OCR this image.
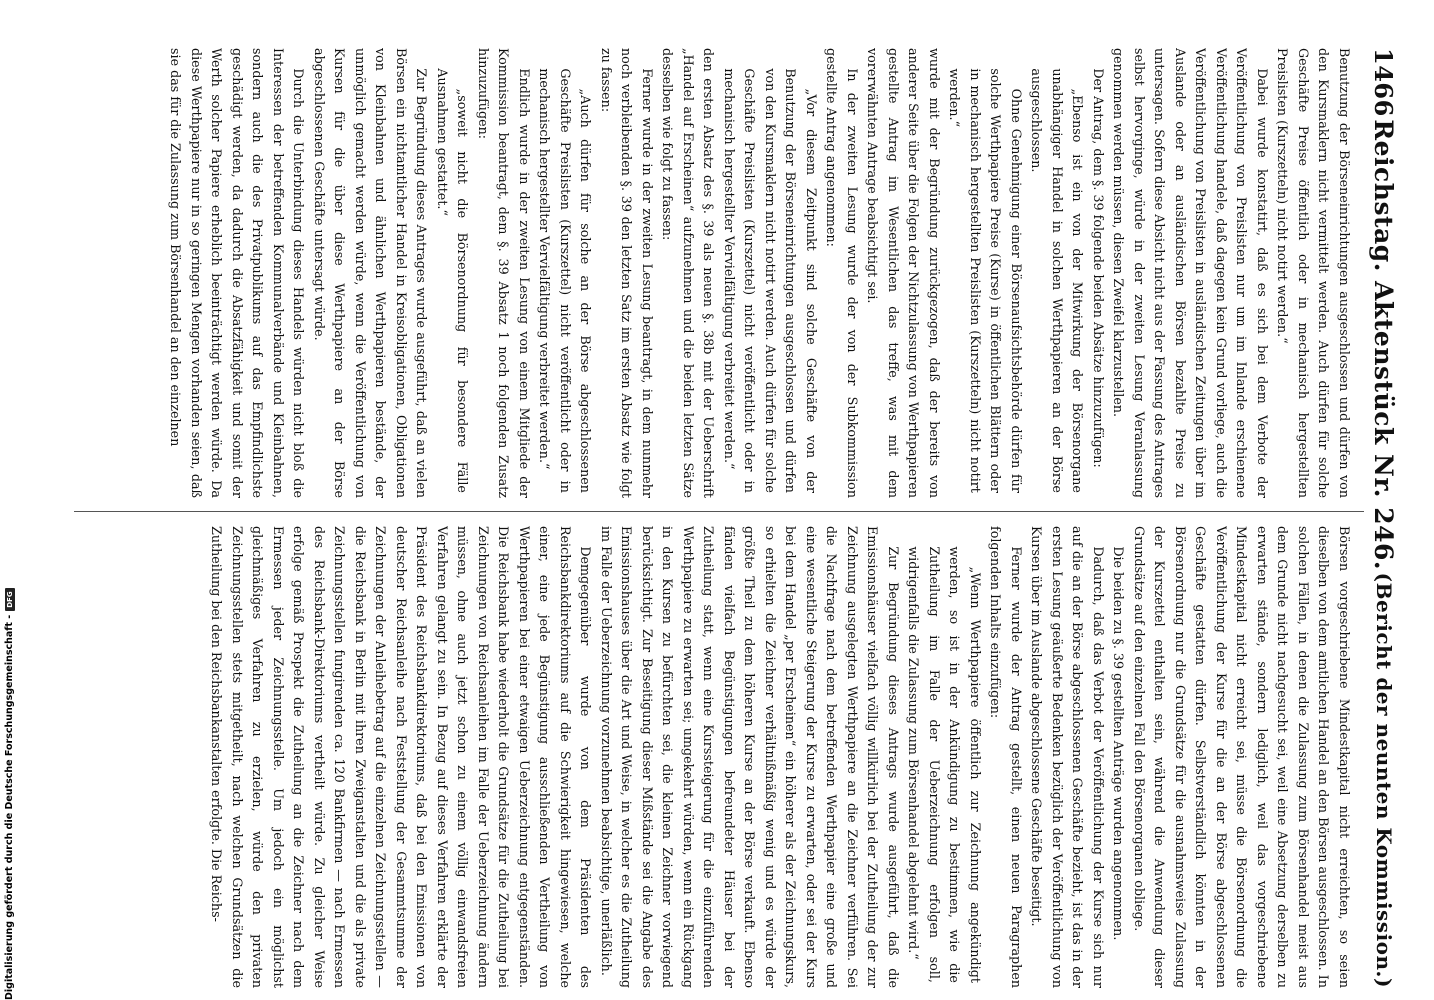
1466
Reichstag. Aktenstück Nr. 246.
(Bericht der neunten Kommission.)

Benutzung der Börseneinrichtungen ausgeschlossen und dürfen von den Kursmaklern nicht vermittelt werden. Auch dürfen für solche Geschäfte Preise öffentlich oder in mechanisch hergestellten Preislisten (Kurszetteln) nicht notirt werden.“

Dabei wurde konstatirt, daß es sich bei dem Verbote der Veröffentlichung von Preislisten nur um im Inlande erschienene Veröffentlichung handele, daß dagegen kein Grund vorliege, auch die Veröffentlichung von Preislisten in ausländischen Zeitungen über im Auslande oder an ausländischen Börsen bezahlte Preise zu untersagen. Sofern diese Absicht nicht aus der Fassung des Antrages selbst hervorginge, würde in der zweiten Lesung Veranlassung genommen werden müssen, diesen Zweifel klarzustellen.

Der Antrag, dem §. 39 folgende beiden Absätze hinzuzufügen:

„Ebenso ist ein von der Mitwirkung der Börsenorgane unabhängiger Handel in solchen Werthpapieren an der Börse ausgeschlossen.

Ohne Genehmigung einer Börsenaufsichtsbehörde dürfen für solche Werthpapiere Preise (Kurse) in öffentlichen Blättern oder in mechanisch hergestellten Preislisten (Kurszetteln) nicht notirt werden.“

wurde mit der Begründung zurückgezogen, daß der bereits von anderer Seite über die Folgen der Nichtzulassung von Werthpapieren gestellte Antrag im Wesentlichen das treffe, was mit dem vorerwähnten Antrage beabsichtigt sei.

In der zweiten Lesung wurde der von der Subkommission gestellte Antrag angenommen:

„Vor diesem Zeitpunkt sind solche Geschäfte von der Benutzung der Börseneinrichtungen ausgeschlossen und dürfen von den Kursmaklern nicht notirt werden. Auch dürfen für solche Geschäfte Preislisten (Kurszettel) nicht veröffentlicht oder in mechanisch hergestellter Vervielfältigung verbreitet werden.“

den ersten Absatz des §. 39 als neuen §. 38b mit der Ueberschrift „Handel auf Erscheinen“ aufzunehmen und die beiden letzten Sätze desselben wie folgt zu fassen:

Ferner wurde in der zweiten Lesung beantragt, in dem nunmehr noch verbleibenden §. 39 den letzten Satz im ersten Absatz wie folgt zu fassen:

„Auch dürfen für solche an der Börse abgeschlossenen Geschäfte Preislisten (Kurszettel) nicht veröffentlicht oder in mechanisch hergestellter Vervielfältigung verbreitet werden.“

Endlich wurde in der zweiten Lesung von einem Mitgliede der Kommission beantragt, dem §. 39 Absatz 1 noch folgenden Zusatz hinzuzufügen:

„soweit nicht die Börsenordnung für besondere Fälle Ausnahmen gestattet.“

Zur Begründung dieses Antrages wurde ausgeführt, daß an vielen Börsen ein nichtamtlicher Handel in Kreisobligationen, Obligationen von Kleinbahnen und ähnlichen Werthpapieren bestände, der unmöglich gemacht werden würde, wenn die Veröffentlichung von Kursen für die über diese Werthpapiere an der Börse abgeschlossenen Geschäfte untersagt würde.

Durch die Unterbindung dieses Handels würden nicht bloß die Interessen der betreffenden Kommunalverbände und Kleinbahnen, sondern auch die des Privatpublikums auf das Empfindlichste geschädigt werden, da dadurch die Absatzfähigkeit und somit der Werth solcher Papiere erheblich beeinträchtigt werden würde. Da diese Werthpapiere nur in so geringen Mengen vorhanden seien, daß sie das für die Zulassung zum Börsenhandel an den einzelnen

Börsen vorgeschriebene Mindestkapital nicht erreichten, so seien dieselben von dem amtlichen Handel an den Börsen ausgeschlossen. In solchen Fällen, in denen die Zulassung zum Börsenhandel meist aus dem Grunde nicht nachgesucht sei, weil eine Absetzung derselben zu erwarten stände, sondern lediglich, weil das vorgeschriebene Mindestkapital nicht erreicht sei, müsse die Börsenordnung die Veröffentlichung der Kurse für die an der Börse abgeschlossenen Geschäfte gestatten dürfen. Selbstverständlich könnten in der Börsenordnung nur die Grundsätze für die ausnahmsweise Zulassung der Kurszettel enthalten sein, während die Anwendung dieser Grundsätze auf den einzelnen Fall den Börsenorganen obliege.

Die beiden zu §. 39 gestellten Anträge wurden angenommen.

Dadurch, daß das Verbot der Veröffentlichung der Kurse sich nur auf die an der Börse abgeschlossenen Geschäfte bezieht, ist das in der ersten Lesung geäußerte Bedenken bezüglich der Veröffentlichung von Kursen über im Auslande abgeschlossene Geschäfte beseitigt.

Ferner wurde der Antrag gestellt, einen neuen Paragraphen folgenden Inhalts einzufügen:

„Wenn Werthpapiere öffentlich zur Zeichnung angekündigt werden, so ist in der Ankündigung zu bestimmen, wie die Zutheilung im Falle der Ueberzeichnung erfolgen soll, widrigenfalls die Zulassung zum Börsenhandel abgelehnt wird.“

Zur Begründung dieses Antrags wurde ausgeführt, daß die Emissionshäuser vielfach völlig willkürlich bei der Zutheilung der zur Zeichnung ausgelegten Werthpapiere an die Zeichner verführen. Sei die Nachfrage nach dem betreffenden Werthpapier eine große und eine wesentliche Steigerung der Kurse zu erwarten, oder sei der Kurs bei dem Handel „per Erscheinen“ ein höherer als der Zeichnungskurs, so erhielten die Zeichner verhältnißmäßig wenig und es würde der größte Theil zu dem höheren Kurse an der Börse verkauft. Ebenso fänden vielfach Begünstigungen befreundeter Häuser bei der Zutheilung statt, wenn eine Kurssteigerung für die einzuführenden Werthpapiere zu erwarten sei; umgekehrt würden, wenn ein Rückgang in den Kursen zu befürchten sei, die kleinen Zeichner vorwiegend berücksichtigt. Zur Beseitigung dieser Mißstände sei die Angabe des Emissionshauses über die Art und Weise, in welcher es die Zutheilung im Falle der Ueberzeichnung vorzunehmen beabsichtige, unerläßlich.

Demgegenüber wurde von dem Präsidenten des Reichsbankdirektoriums auf die Schwierigkeit hingewiesen, welche einer, eine jede Begünstigung ausschließenden Vertheilung von Werthpapieren bei einer etwaigen Ueberzeichnung entgegenständen. Die Reichsbank habe wiederholt die Grundsätze für die Zutheilung bei Zeichnungen von Reichsanleihen im Falle der Ueberzeichnung ändern müssen, ohne auch jetzt schon zu einem völlig einwandsfreien Verfahren gelangt zu sein. In Bezug auf dieses Verfahren erklärte der Präsident des Reichsbankdirektoriums, daß bei den Emissionen von deutscher Reichsanleihe nach Feststellung der Gesammtsumme der Zeichnungen der Anleihebetrag auf die einzelnen Zeichnungsstellen — die Reichsbank in Berlin mit ihren Zweiganstalten und die als private Zeichnungsstellen fungirenden ca. 120 Bankfirmen — nach Ermessen des Reichsbank-Direktoriums vertheilt würde. Zu gleicher Weise erfolge gemäß Prospekt die Zutheilung an die Zeichner nach dem Ermessen jeder Zeichnungsstelle. Um jedoch ein möglichst gleichmäßiges Verfahren zu erzielen, würde den privaten Zeichnungsstellen stets mitgetheilt, nach welchen Grundsätzen die Zutheilung bei den Reichsbankanstalten erfolgte. Die Reichs-

Digitalisierung gefördert durch die Deutsche Forschungsgemeinschaft -
DFG
